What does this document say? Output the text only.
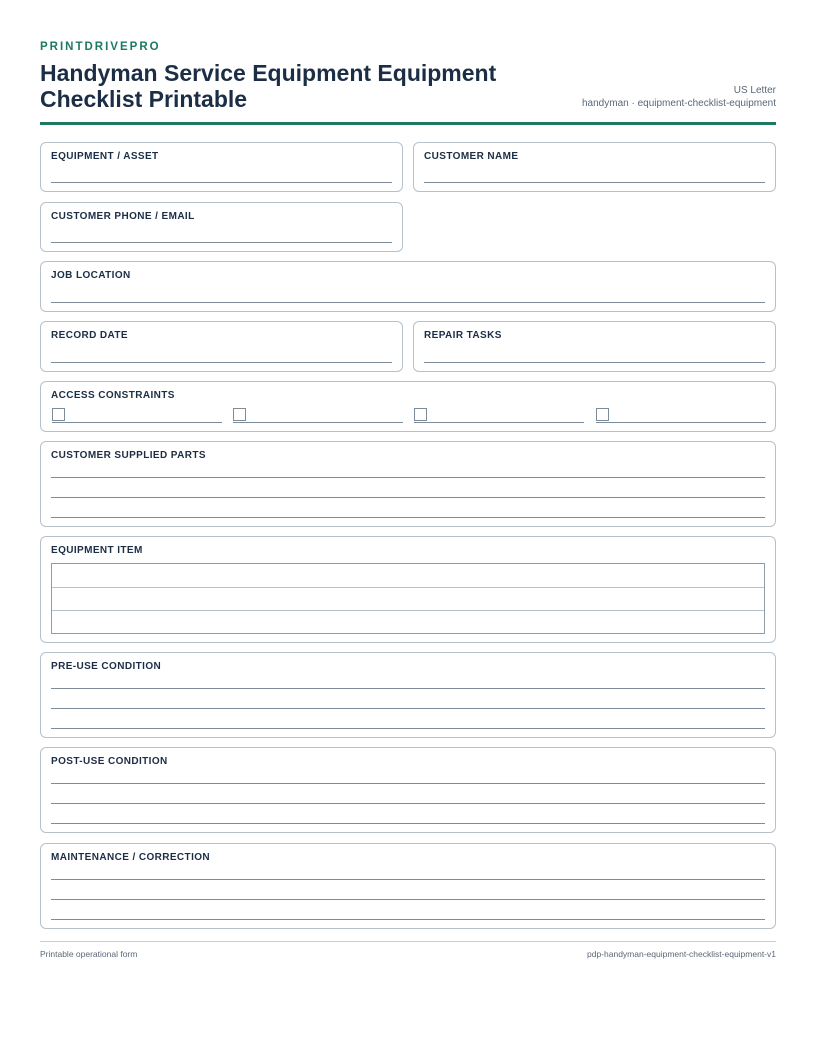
PRINTDRIVEPRO
Handyman Service Equipment Equipment Checklist Printable	US Letter
handyman · equipment-checklist-equipment
EQUIPMENT / ASSET	CUSTOMER NAME
CUSTOMER PHONE / EMAIL
JOB LOCATION
RECORD DATE	REPAIR TASKS
ACCESS CONSTRAINTS
CUSTOMER SUPPLIED PARTS
EQUIPMENT ITEM
PRE-USE CONDITION
POST-USE CONDITION
MAINTENANCE / CORRECTION
Printable operational form	pdp-handyman-equipment-checklist-equipment-v1
